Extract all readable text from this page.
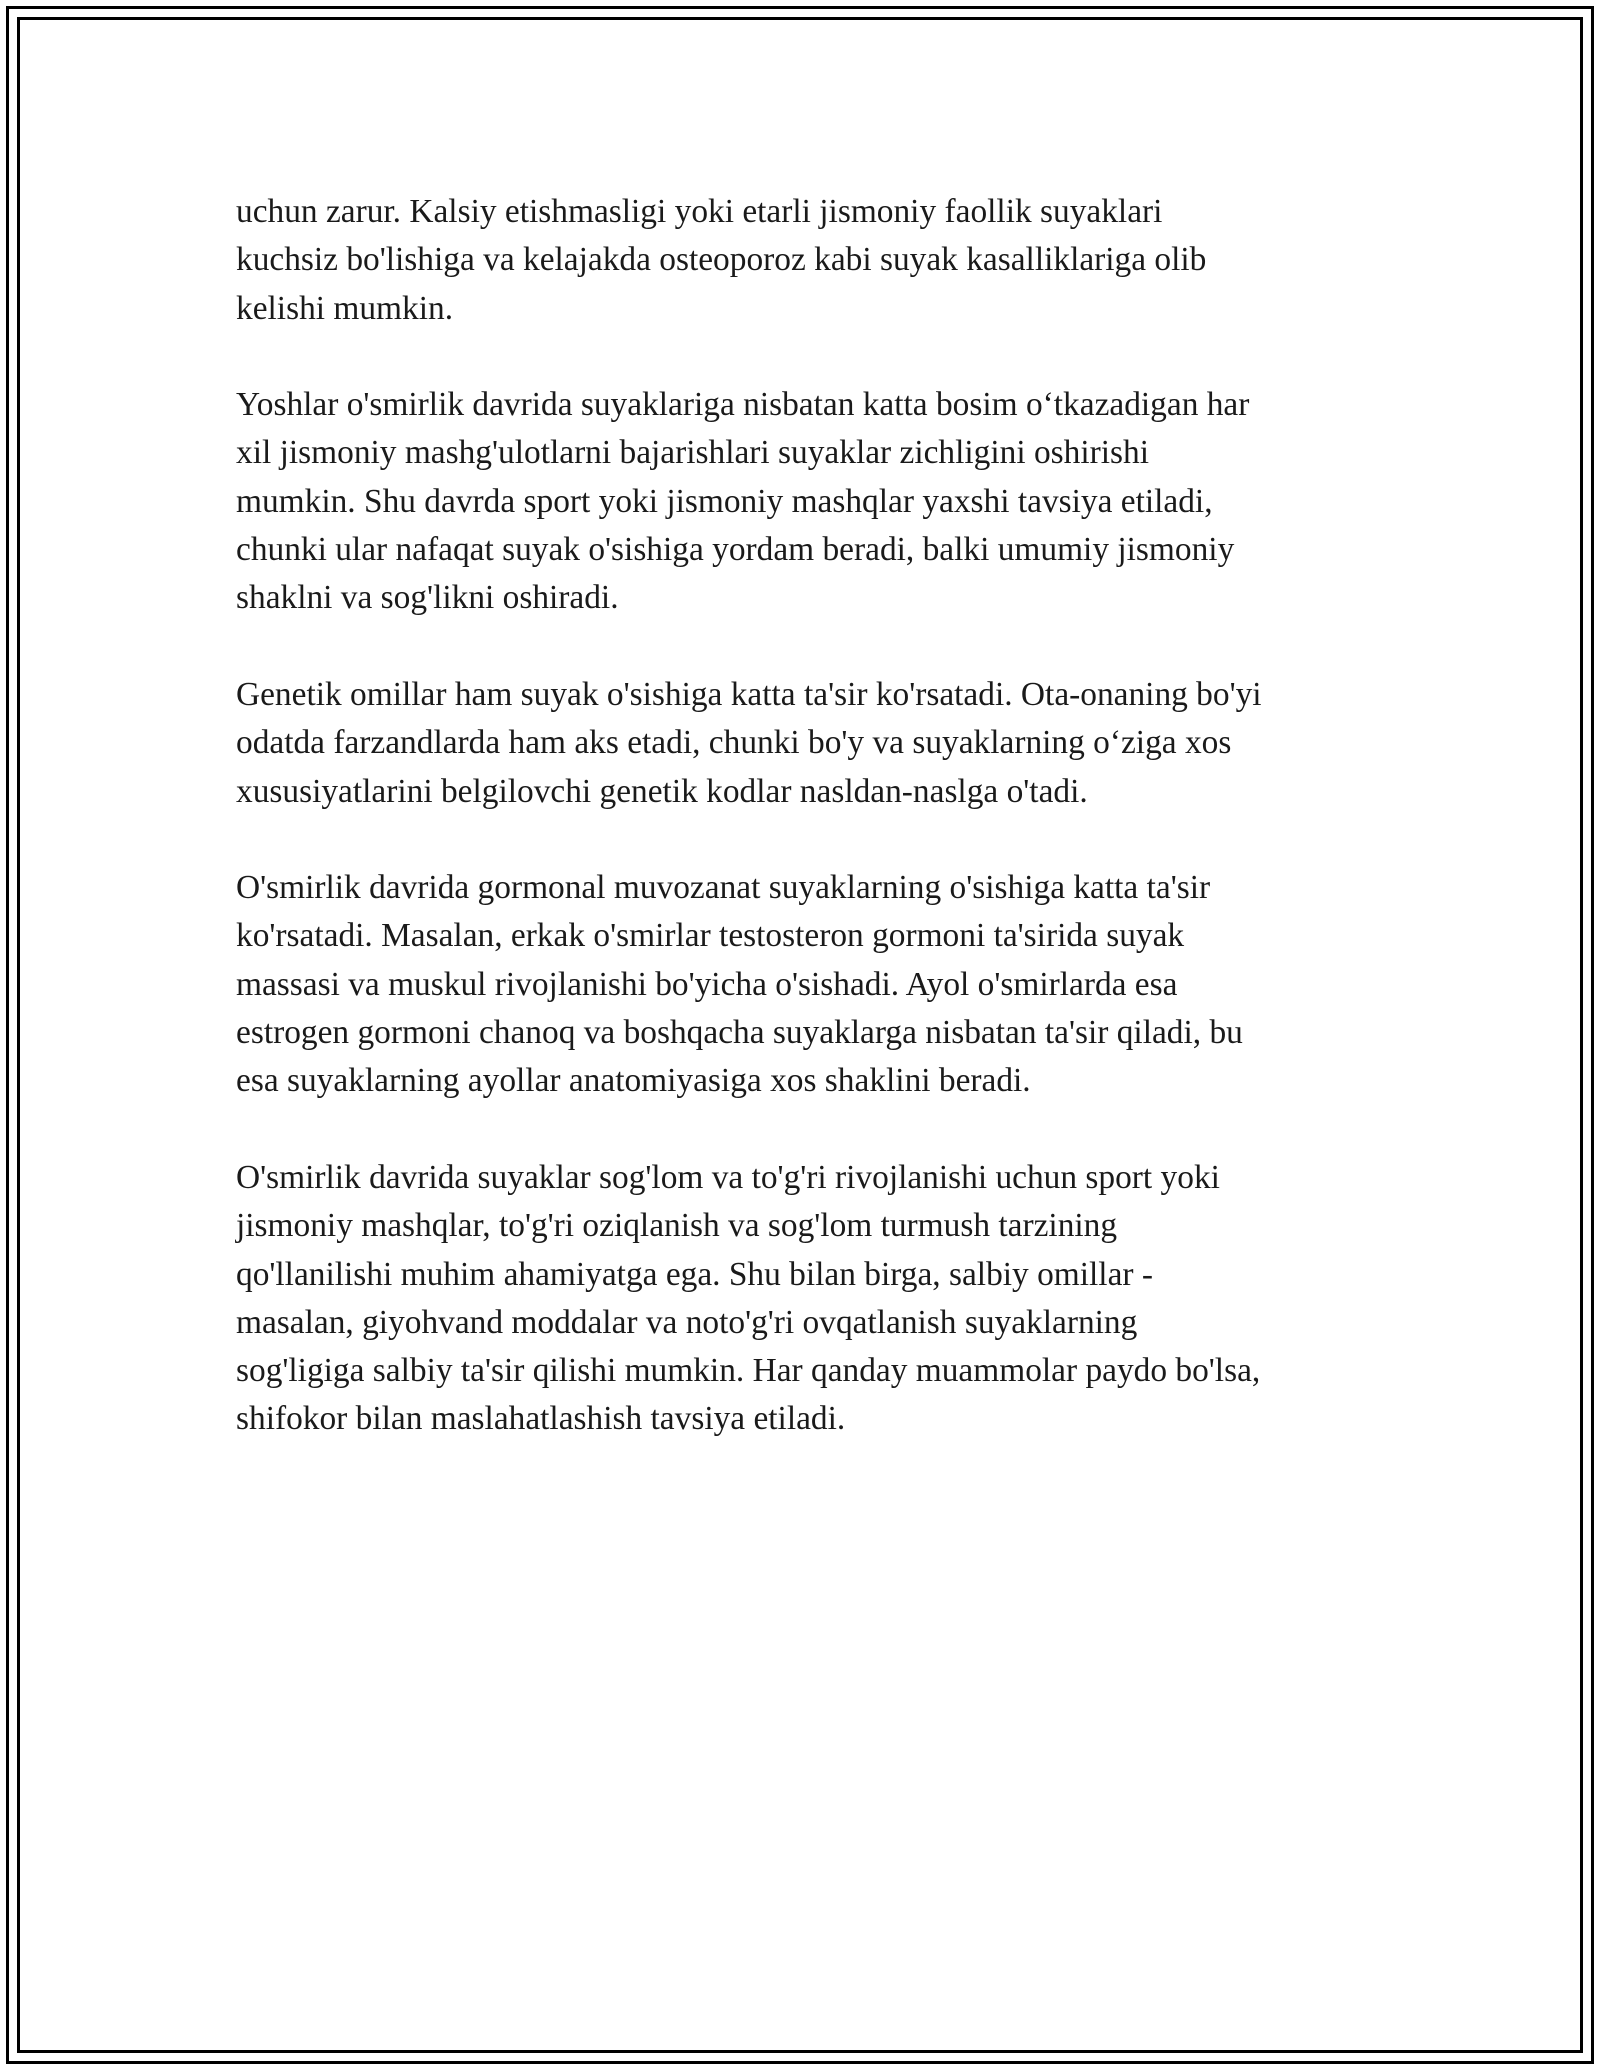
uchun zarur. Kalsiy etishmasligi yoki etarli jismoniy faollik suyaklari
kuchsiz bo'lishiga va kelajakda osteoporoz kabi suyak kasalliklariga olib
kelishi mumkin.

Yoshlar o'smirlik davrida suyaklariga nisbatan katta bosim o‘tkazadigan har
xil jismoniy mashg'ulotlarni bajarishlari suyaklar zichligini oshirishi
mumkin. Shu davrda sport yoki jismoniy mashqlar yaxshi tavsiya etiladi,
chunki ular nafaqat suyak o'sishiga yordam beradi, balki umumiy jismoniy
shaklni va sog'likni oshiradi.

Genetik omillar ham suyak o'sishiga katta ta'sir ko'rsatadi. Ota-onaning bo'yi
odatda farzandlarda ham aks etadi, chunki bo'y va suyaklarning o‘ziga xos
xususiyatlarini belgilovchi genetik kodlar nasldan-naslga o'tadi.

O'smirlik davrida gormonal muvozanat suyaklarning o'sishiga katta ta'sir
ko'rsatadi. Masalan, erkak o'smirlar testosteron gormoni ta'sirida suyak
massasi va muskul rivojlanishi bo'yicha o'sishadi. Ayol o'smirlarda esa
estrogen gormoni chanoq va boshqacha suyaklarga nisbatan ta'sir qiladi, bu
esa suyaklarning ayollar anatomiyasiga xos shaklini beradi.

O'smirlik davrida suyaklar sog'lom va to'g'ri rivojlanishi uchun sport yoki
jismoniy mashqlar, to'g'ri oziqlanish va sog'lom turmush tarzining
qo'llanilishi muhim ahamiyatga ega. Shu bilan birga, salbiy omillar -
masalan, giyohvand moddalar va noto'g'ri ovqatlanish suyaklarning
sog'ligiga salbiy ta'sir qilishi mumkin. Har qanday muammolar paydo bo'lsa,
shifokor bilan maslahatlashish tavsiya etiladi.
